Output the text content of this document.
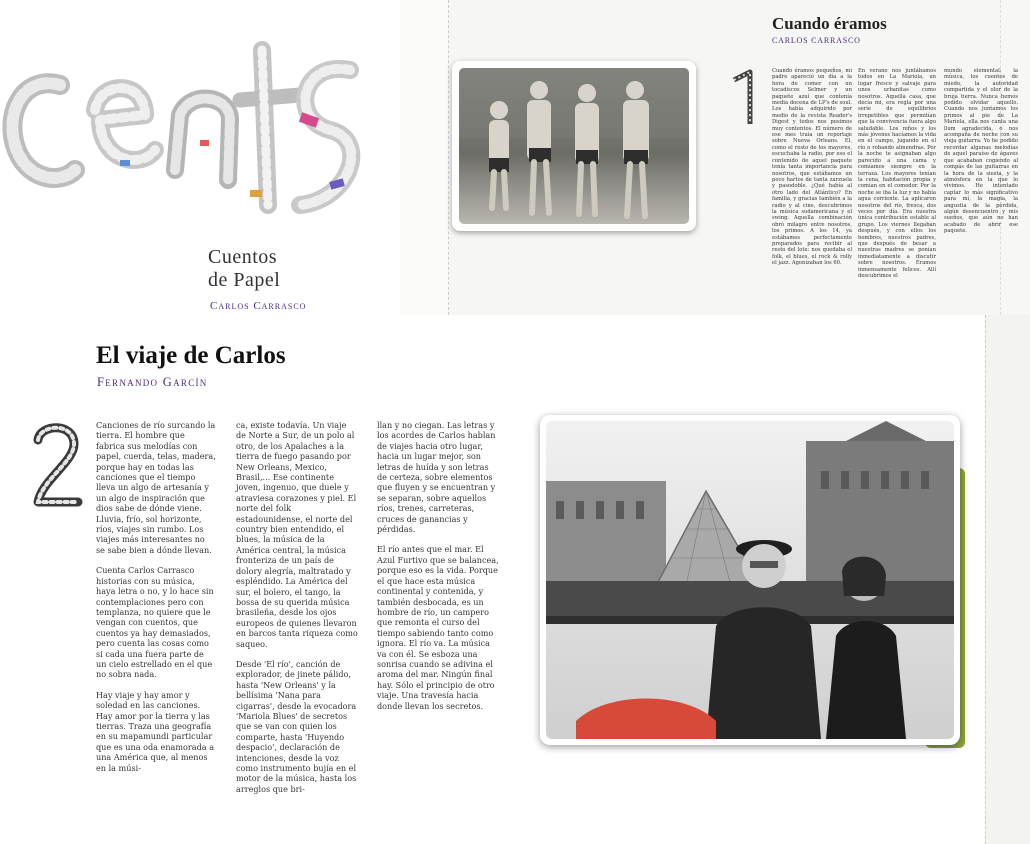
Cuentos
de Papel
Carlos Carrasco
Cuando éramos
CARLOS CARRASCO
Cuando éramos pequeños, mi padre apareció un día a la hora de comer con un tocadiscos Selmer y un paquete azul que contenía media docena de LP's de soul. Los había adquirido por medio de la revista Reader's Digest y todos nos pusimos muy contentos. El número de ese mes traía un reportaje sobre Nueva Orleans. El, como el resto de los mayores, escuchaba la radio, por eso el contenido de aquel paquete tenía tanta importancia para nosotros, que estábamos un poco hartos de tanta zarzuela y pasodoble. ¿Qué había al otro lado del Atlántico? En familia, y gracias también a la radio y al cine, descubrimos la música sudamericana y el swing. Aquella combinación obró milagro entre nosotros, los primos. A los 14, ya estábamos perfectamente preparados para recibir al resto del lote: nos quedaba el folk, el blues, el rock & rolly el jazz. Agonizaban los 60.
En verano nos juntábamos todos en La Mariola, un lugar fresco y salvaje para unos urbanitas como nosotros. Aquella casa, que decía mi, era regla por una serie de equilibrios irrepetibles que permitían que la convivencia fuera algo saludable. Los niños y los más jóvenes hacíamos la vida en el campo, jugando en el río o robando almendras. Por la noche te asignaban algo parecido a una cama y comíamos siempre en la terraza. Los mayores tenían la cena, habitación propia y comían en el comedor. Por la noche se iba la luz y no había agua corriente. La aplicaron nosotros del río, fresca, dos veces por día. Era nuestra única contribución estable al grupo. Los viernes llegaban después, y con ellos los hombres, nuestros padres, que después de besar a nuestras madres se ponían inmediatamente a discutir sobre nosotros. Éramos inmensamente felices. Allí descubrimos el
mundo elemental: la música, los cuentos de miedo, la autoridad compartida y el olor de la bruja tierra. Nunca hemos podido olvidar aquello. Cuando nos juntamos los primos al pie de La Mariola, ella nos canta una llum agradecida, o nos acompaña de noche con su vieja guitarra. Yo he podido recordar algunas melodías de aquel paraíso de ágaves que acababan cogiendo al compás de las guitarras en la hora de la siesta, y la atmósfera en la que lo vivimos. He intentado captar lo más significativo para mí, la magia, la angustia de la pérdida, algún desencuentro y mis sueños, que aún no han acabado de abrir ese paquete.
El viaje de Carlos
Fernando Garcín

Canciones de río surcando la tierra. El hombre que fabrica sus melodías con papel, cuerda, telas, madera, porque hay en todas las canciones que el tiempo lleva un algo de artesanía y un algo de inspiración que dios sabe de dónde viene. Lluvia, frío, sol horizonte, ríos, viajes sin rumbo. Los viajes más interesantes no se sabe bien a dónde llevan.

Cuenta Carlos Carrasco historias con su música, haya letra o no, y lo hace sin contemplaciones pero con templanza, no quiere que le vengan con cuentos, que cuentos ya hay demasiados, pero cuenta las cosas como si cada una fuera parte de un cielo estrellado en el que no sobra nada.

Hay viaje y hay amor y soledad en las canciones. Hay amor por la tierra y las tierras. Traza una geografía en su mapamundi particular que es una oda enamorada a una América que, al menos en la músi-

ca, existe todavía. Un viaje de Norte a Sur, de un polo al otro, de los Apalaches a la tierra de fuego pasando por New Orleans, Mexico, Brasil,... Ese continente joven, ingenuo, que duele y atraviesa corazones y piel. El norte del folk estadounidense, el norte del country bien entendido, el blues, la música de la América central, la música fronteriza de un país de dolory alegría, maltratado y espléndido. La América del sur, el bolero, el tango, la bossa de su querida música brasileña, desde los ojos europeos de quienes llevaron en barcos tanta riqueza como saqueo.

Desde 'El río', canción de explorador, de jinete pálido, hasta 'New Orleans' y la bellísima 'Nana para cigarras', desde la evocadora 'Mariola Blues' de secretos que se van con quien los comparte, hasta 'Huyendo despacio', declaración de intenciones, desde la voz como instrumento bujía en el motor de la música, hasta los arreglos que bri-

llan y no ciegan. Las letras y los acordes de Carlos hablan de viajes hacia otro lugar, hacia un lugar mejor, son letras de huída y son letras de certeza, sobre elementos que fluyen y se encuentran y se separan, sobre aquellos ríos, trenes, carreteras, cruces de ganancias y pérdidas.

El río antes que el mar. El Azul Furtivo que se balancea, porque eso es la vida. Porque el que hace esta música continental y contenida, y también desbocada, es un hombre de río, un campero que remonta el curso del tiempo sabiendo tanto como ignora. El río va. La música va con él. Se esboza una sonrisa cuando se adivina el aroma del mar. Ningún final hay. Sólo el principio de otro viaje. Una travesía hacia donde llevan los secretos.
